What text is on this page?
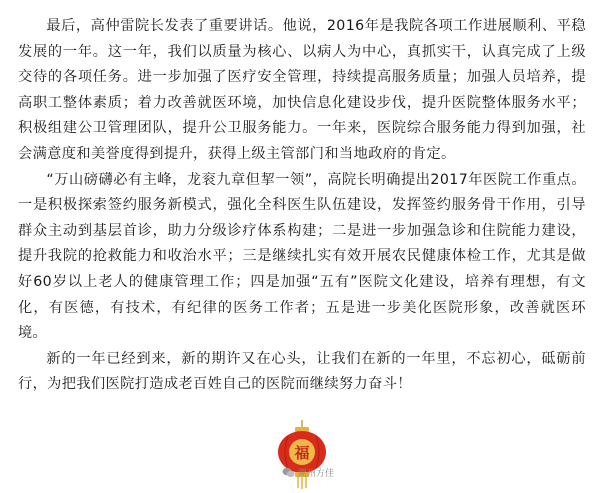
最后，高仲雷院长发表了重要讲话。他说，2016年是我院各项工作进展顺利、平稳发展的一年。这一年，我们以质量为核心、以病人为中心，真抓实干，认真完成了上级交待的各项任务。进一步加强了医疗安全管理，持续提高服务质量；加强人员培养，提高职工整体素质；着力改善就医环境，加快信息化建设步伐，提升医院整体服务水平；积极组建公卫管理团队，提升公卫服务能力。一年来，医院综合服务能力得到加强，社会满意度和美誉度得到提升，获得上级主管部门和当地政府的肯定。

“万山磅礴必有主峰，龙衮九章但挈一领”，高院长明确提出2017年医院工作重点。一是积极探索签约服务新模式，强化全科医生队伍建设，发挥签约服务骨干作用，引导群众主动到基层首诊，助力分级诊疗体系构建；二是进一步加强急诊和住院能力建设，提升我院的抢救能力和收治水平；三是继续扎实有效开展农民健康体检工作，尤其是做好60岁以上老人的健康管理工作；四是加强“五有”医院文化建设，培养有理想，有文化，有医德，有技术，有纪律的医务工作者；五是进一步美化医院形象，改善就医环境。

新的一年已经到来，新的期许又在心头，让我们在新的一年里，不忘初心，砥砺前行，为把我们医院打造成老百姓自己的医院而继续努力奋斗！

福
潮州方佳
